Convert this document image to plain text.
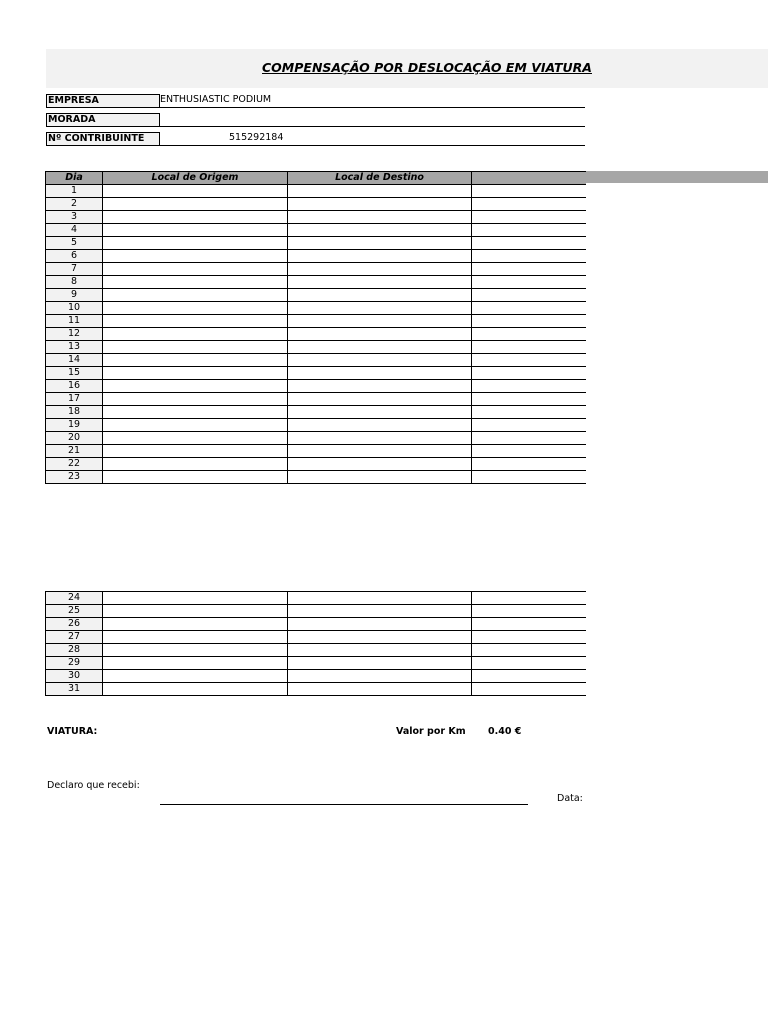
COMPENSAÇÃO POR DESLOCAÇÃO EM VIATURA
EMPRESA	ENTHUSIASTIC PODIUM
MORADA
Nº CONTRIBUINTE	515292184
Dia	Local de Origem	Local de Destino	
1			
2			
3			
4			
5			
6			
7			
8			
9			
10			
11			
12			
13			
14			
15			
16			
17			
18			
19			
20			
21			
22			
23			
24			
25			
26			
27			
28			
29			
30			
31			
VIATURA:	Valor por Km 0.40 €
Declaro que recebi:
Data:
